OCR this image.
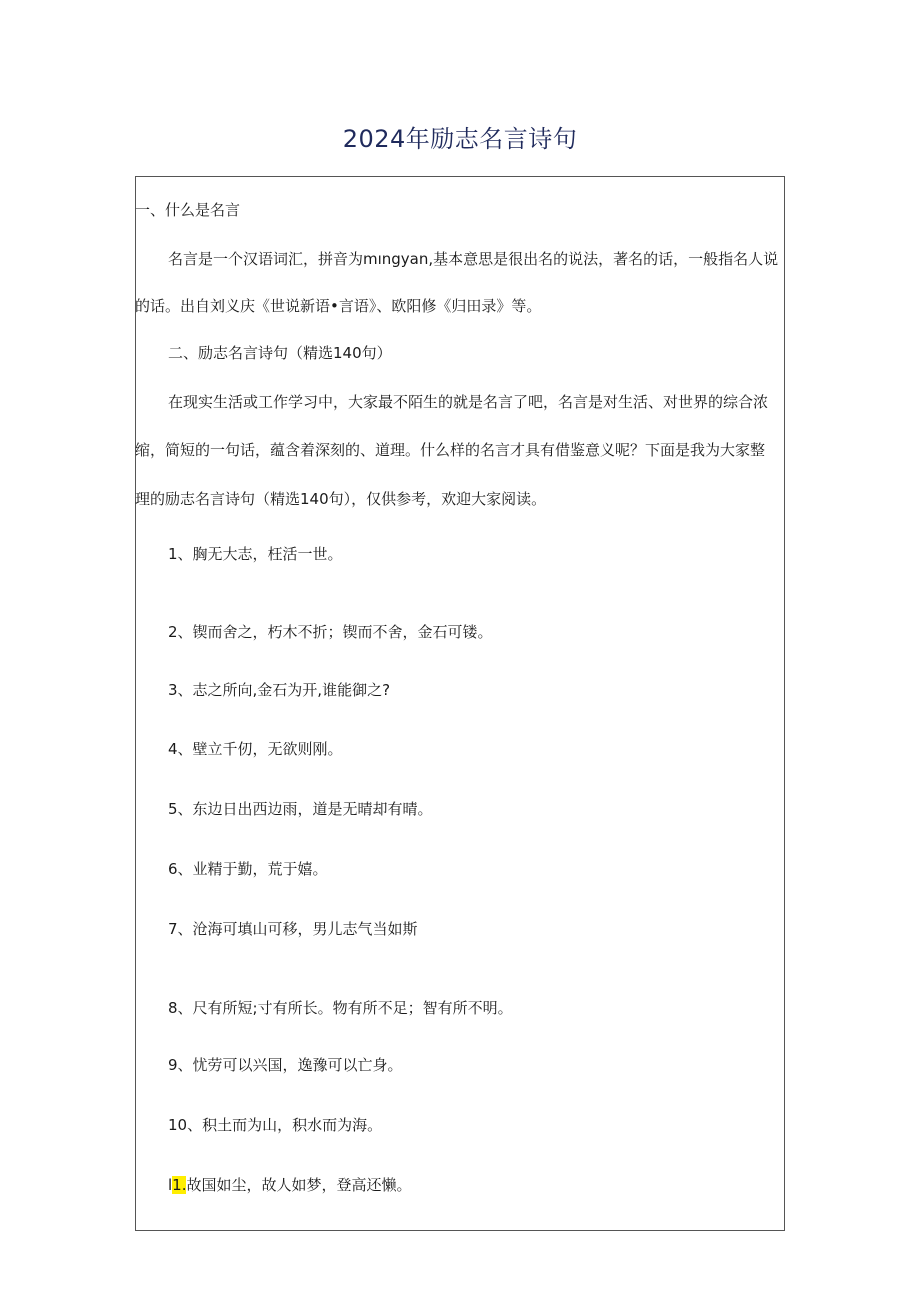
2024年励志名言诗句
一、什么是名言
名言是一个汉语词汇，拼音为mıngyan,基本意思是很出名的说法，著名的话，一般指名人说
的话。出自刘义庆《世说新语•言语》、欧阳修《归田录》等。
二、励志名言诗句（精选140句）
在现实生活或工作学习中，大家最不陌生的就是名言了吧，名言是对生活、对世界的综合浓
缩，简短的一句话，蕴含着深刻的、道理。什么样的名言才具有借鉴意义呢？下面是我为大家整
理的励志名言诗句（精选140句），仅供参考，欢迎大家阅读。
1、胸无大志，枉活一世。
2、锲而舍之，朽木不折；锲而不舍，金石可镂。
3、志之所向,金石为开,谁能御之?
4、壁立千仞，无欲则刚。
5、东边日出西边雨，道是无晴却有晴。
6、业精于勤，荒于嬉。
7、沧海可填山可移，男儿志气当如斯
8、尺有所短;寸有所长。物有所不足；智有所不明。
9、忧劳可以兴国，逸豫可以亡身。
10、积土而为山，积水而为海。
l1.故国如尘，故人如梦，登高还懒。
